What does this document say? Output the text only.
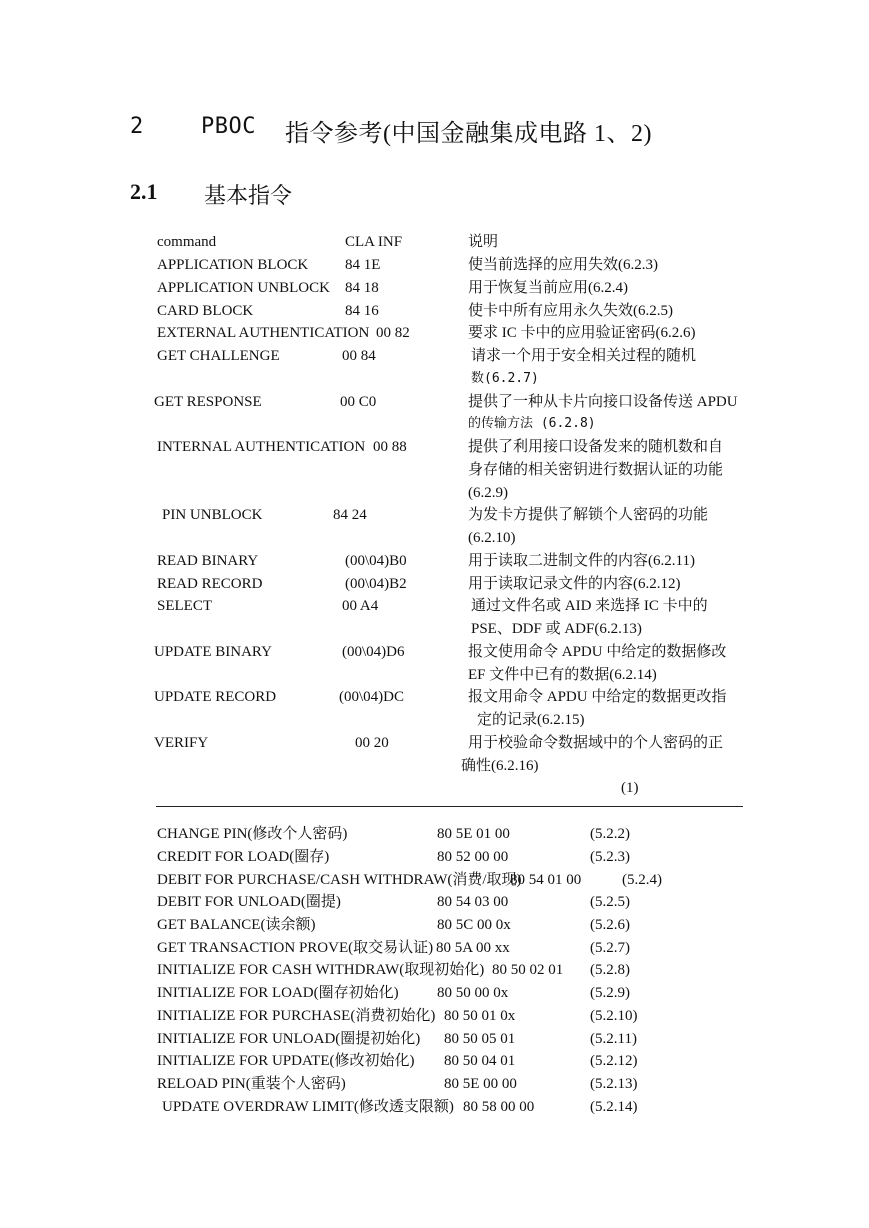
2	PBOC 指令参考(中国金融集成电路 1、2)
2.1 基本指令
command	CLA INF	说明
APPLICATION BLOCK 84 1E	使当前选择的应用失效(6.2.3)
APPLICATION UNBLOCK 84 18	用于恢复当前应用(6.2.4)
CARD BLOCK	84 16	使卡中所有应用永久失效(6.2.5)
EXTERNAL AUTHENTICATION 00 82	要求 IC 卡中的应用验证密码(6.2.6)
GET CHALLENGE	00 84	请求一个用于安全相关过程的随机
数(6.2.7)
GET RESPONSE	00 C0	提供了一种从卡片向接口设备传送 APDU
的传输方法 (6.2.8)
INTERNAL AUTHENTICATION 00 88	提供了利用接口设备发来的随机数和自
身存储的相关密钥进行数据认证的功能
(6.2.9)
PIN UNBLOCK	84 24	为发卡方提供了解锁个人密码的功能
(6.2.10)
READ BINARY	(00\04)B0	用于读取二进制文件的内容(6.2.11)
READ RECORD	(00\04)B2	用于读取记录文件的内容(6.2.12)
SELECT	00 A4	通过文件名或 AID 来选择 IC 卡中的
PSE、DDF 或 ADF(6.2.13)
UPDATE BINARY	(00\04)D6	报文使用命令 APDU 中给定的数据修改
EF 文件中已有的数据(6.2.14)
UPDATE RECORD	(00\04)DC	报文用命令 APDU 中给定的数据更改指
定的记录(6.2.15)
VERIFY	00 20	用于校验命令数据域中的个人密码的正
确性(6.2.16)
(1)
CHANGE PIN(修改个人密码)	80 5E 01 00	(5.2.2)
CREDIT FOR LOAD(圈存)	80 52 00 00	(5.2.3)
DEBIT FOR PURCHASE/CASH WITHDRAW(消费/取现)
80 54 01 00	(5.2.4)
DEBIT FOR UNLOAD(圈提)	80 54 03 00	(5.2.5)
GET BALANCE(读余额)	80 5C 00 0x	(5.2.6)
GET TRANSACTION PROVE(取交易认证) 80 5A 00 xx	(5.2.7)
INITIALIZE FOR CASH WITHDRAW(取现初始化) 80 50 02 01 (5.2.8)
INITIALIZE FOR LOAD(圈存初始化)	80 50 00 0x	(5.2.9)
INITIALIZE FOR PURCHASE(消费初始化) 80 50 01 0x	(5.2.10)
INITIALIZE FOR UNLOAD(圈提初始化) 80 50 05 01	(5.2.11)
INITIALIZE FOR UPDATE(修改初始化) 80 50 04 01	(5.2.12)
RELOAD PIN(重装个人密码)	80 5E 00 00	(5.2.13)
UPDATE OVERDRAW LIMIT(修改透支限额) 80 58 00 00	(5.2.14)
